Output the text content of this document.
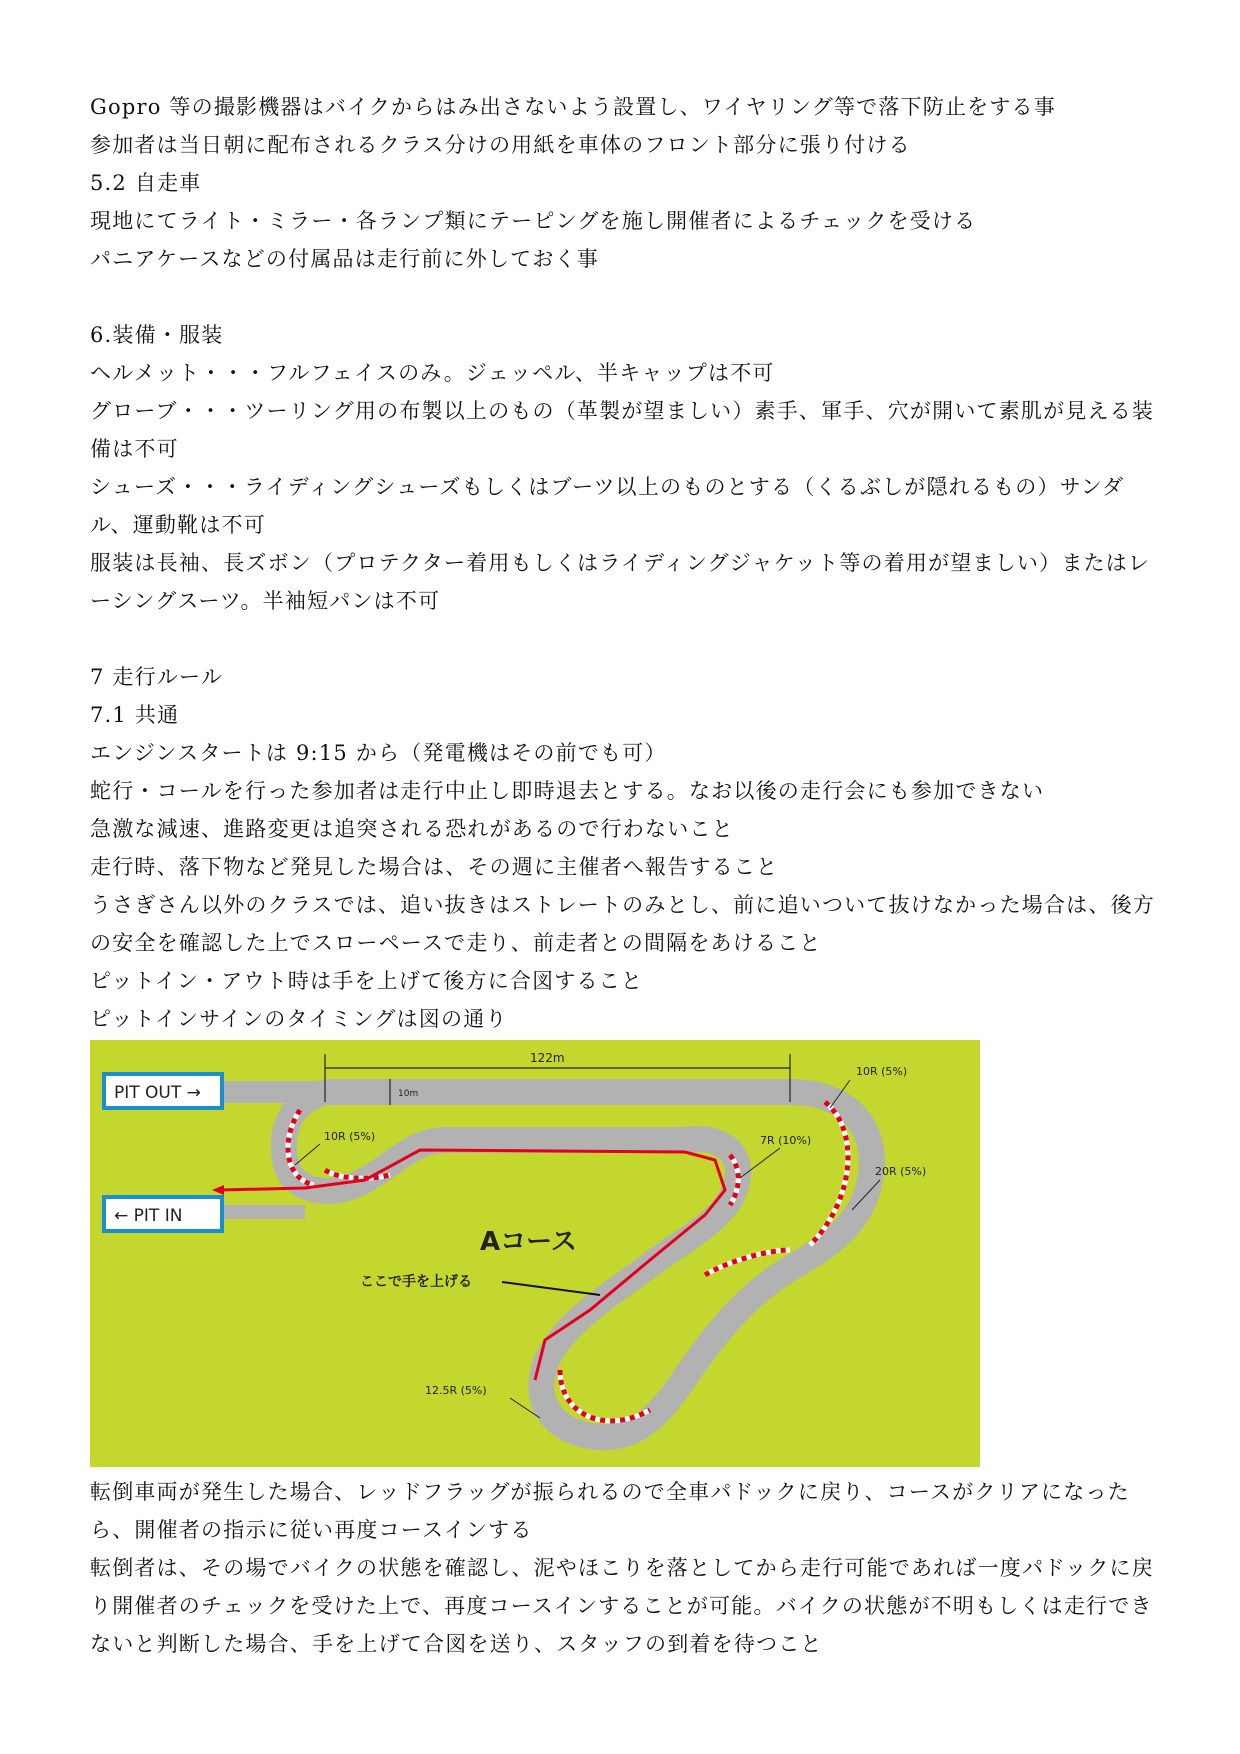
Gopro 等の撮影機器はバイクからはみ出さないよう設置し、ワイヤリング等で落下防止をする事

参加者は当日朝に配布されるクラス分けの用紙を車体のフロント部分に張り付ける

5.2 自走車

現地にてライト・ミラー・各ランプ類にテーピングを施し開催者によるチェックを受ける

パニアケースなどの付属品は走行前に外しておく事

6.装備・服装

ヘルメット・・・フルフェイスのみ。ジェッペル、半キャップは不可

グローブ・・・ツーリング用の布製以上のもの（革製が望ましい）素手、軍手、穴が開いて素肌が見える装備は不可

シューズ・・・ライディングシューズもしくはブーツ以上のものとする（くるぶしが隠れるもの）サンダル、運動靴は不可

服装は長袖、長ズボン（プロテクター着用もしくはライディングジャケット等の着用が望ましい）またはレーシングスーツ。半袖短パンは不可

7 走行ルール

7.1 共通

エンジンスタートは 9:15 から（発電機はその前でも可）

蛇行・コールを行った参加者は走行中止し即時退去とする。なお以後の走行会にも参加できない

急激な減速、進路変更は追突される恐れがあるので行わないこと

走行時、落下物など発見した場合は、その週に主催者へ報告すること

うさぎさん以外のクラスでは、追い抜きはストレートのみとし、前に追いついて抜けなかった場合は、後方の安全を確認した上でスローペースで走り、前走者との間隔をあけること

ピットイン・アウト時は手を上げて後方に合図すること

ピットインサインのタイミングは図の通り

122m
10m
PIT OUT →
← PIT IN
10R (5%)
10R (5%)	7R (10%)
20R (5%)
12.5R (5%)
Aコース
ここで手を上げる

転倒車両が発生した場合、レッドフラッグが振られるので全車パドックに戻り、コースがクリアになったら、開催者の指示に従い再度コースインする

転倒者は、その場でバイクの状態を確認し、泥やほこりを落としてから走行可能であれば一度パドックに戻り開催者のチェックを受けた上で、再度コースインすることが可能。バイクの状態が不明もしくは走行できないと判断した場合、手を上げて合図を送り、スタッフの到着を待つこと
